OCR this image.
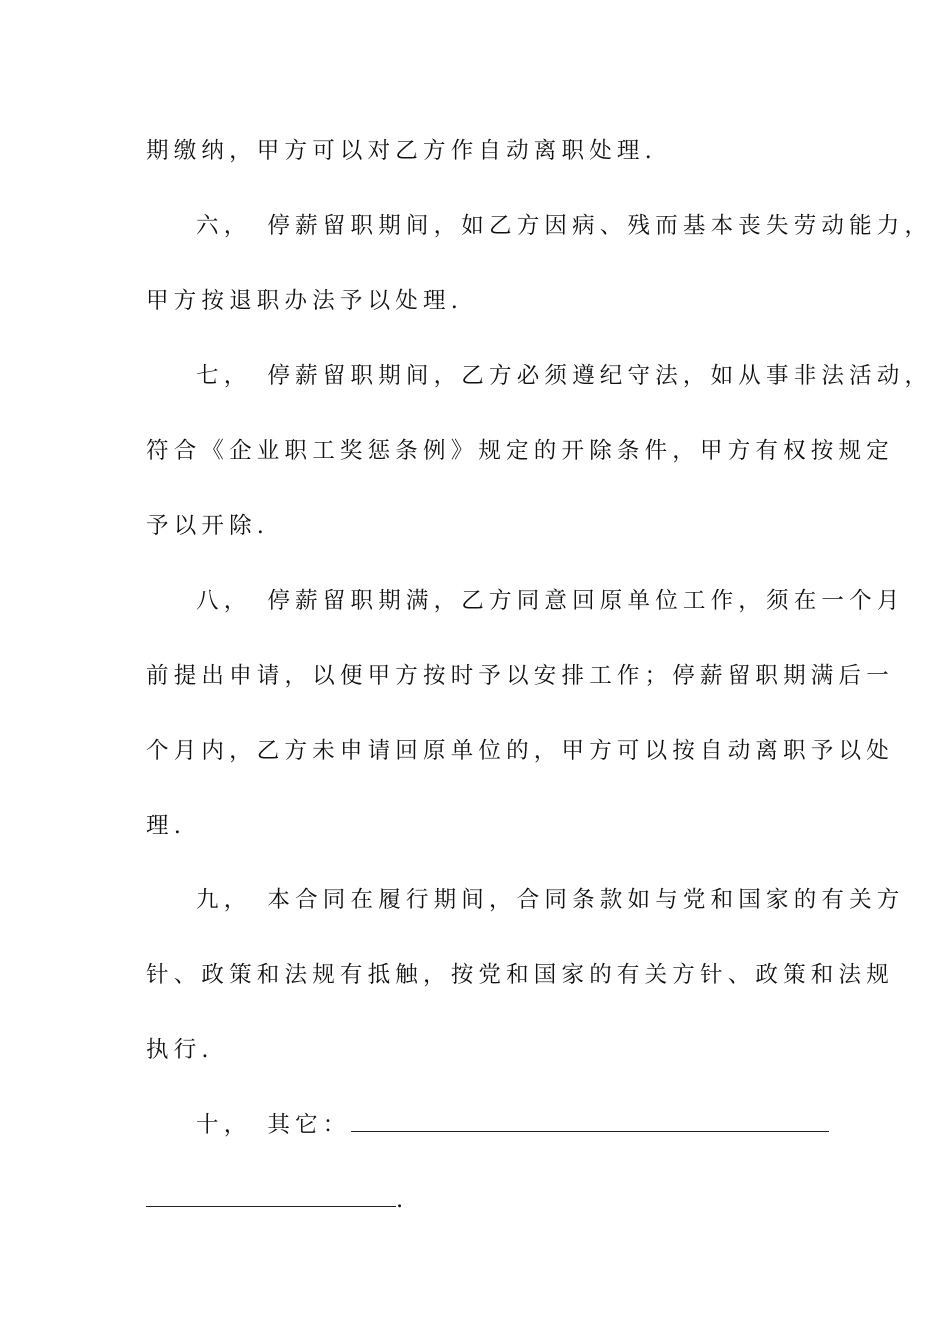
期缴纳，甲方可以对乙方作自动离职处理.
六， 停薪留职期间，如乙方因病、残而基本丧失劳动能力，
甲方按退职办法予以处理.
七， 停薪留职期间，乙方必须遵纪守法，如从事非法活动，
符合《企业职工奖惩条例》规定的开除条件，甲方有权按规定
予以开除.
八， 停薪留职期满，乙方同意回原单位工作，须在一个月
前提出申请，以便甲方按时予以安排工作；停薪留职期满后一
个月内，乙方未申请回原单位的，甲方可以按自动离职予以处
理.
九， 本合同在履行期间，合同条款如与党和国家的有关方
针、政策和法规有抵触，按党和国家的有关方针、政策和法规
执行.
十， 其它：
.
